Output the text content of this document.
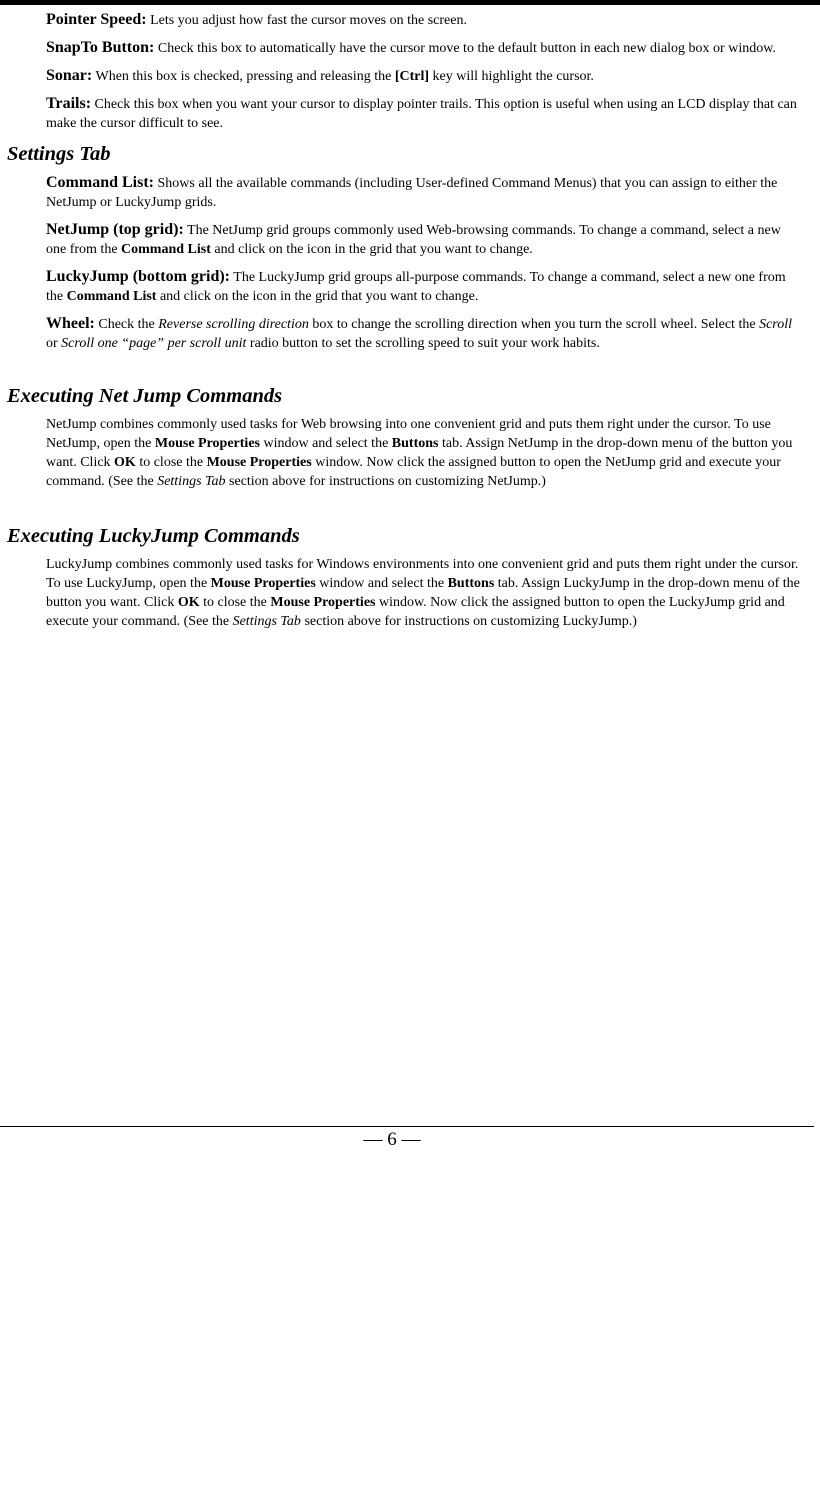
Pointer Speed: Lets you adjust how fast the cursor moves on the screen.

SnapTo Button: Check this box to automatically have the cursor move to the default button in each new dialog box or window.

Sonar: When this box is checked, pressing and releasing the [Ctrl] key will highlight the cursor.

Trails: Check this box when you want your cursor to display pointer trails. This option is useful when using an LCD display that can make the cursor difficult to see.

Settings Tab

Command List: Shows all the available commands (including User-defined Command Menus) that you can assign to either the NetJump or LuckyJump grids.

NetJump (top grid): The NetJump grid groups commonly used Web-browsing commands. To change a command, select a new one from the Command List and click on the icon in the grid that you want to change.

LuckyJump (bottom grid): The LuckyJump grid groups all-purpose commands. To change a command, select a new one from the Command List and click on the icon in the grid that you want to change.

Wheel: Check the Reverse scrolling direction box to change the scrolling direction when you turn the scroll wheel. Select the Scroll or Scroll one “page” per scroll unit radio button to set the scrolling speed to suit your work habits.

Executing Net Jump Commands

NetJump combines commonly used tasks for Web browsing into one convenient grid and puts them right under the cursor. To use NetJump, open the Mouse Properties window and select the Buttons tab. Assign NetJump in the drop-down menu of the button you want. Click OK to close the Mouse Properties window. Now click the assigned button to open the NetJump grid and execute your command. (See the Settings Tab section above for instructions on customizing NetJump.)

Executing LuckyJump Commands

LuckyJump combines commonly used tasks for Windows environments into one convenient grid and puts them right under the cursor. To use LuckyJump, open the Mouse Properties window and select the Buttons tab. Assign LuckyJump in the drop-down menu of the button you want. Click OK to close the Mouse Properties window. Now click the assigned button to open the LuckyJump grid and execute your command. (See the Settings Tab section above for instructions on customizing LuckyJump.)

— 6 —
